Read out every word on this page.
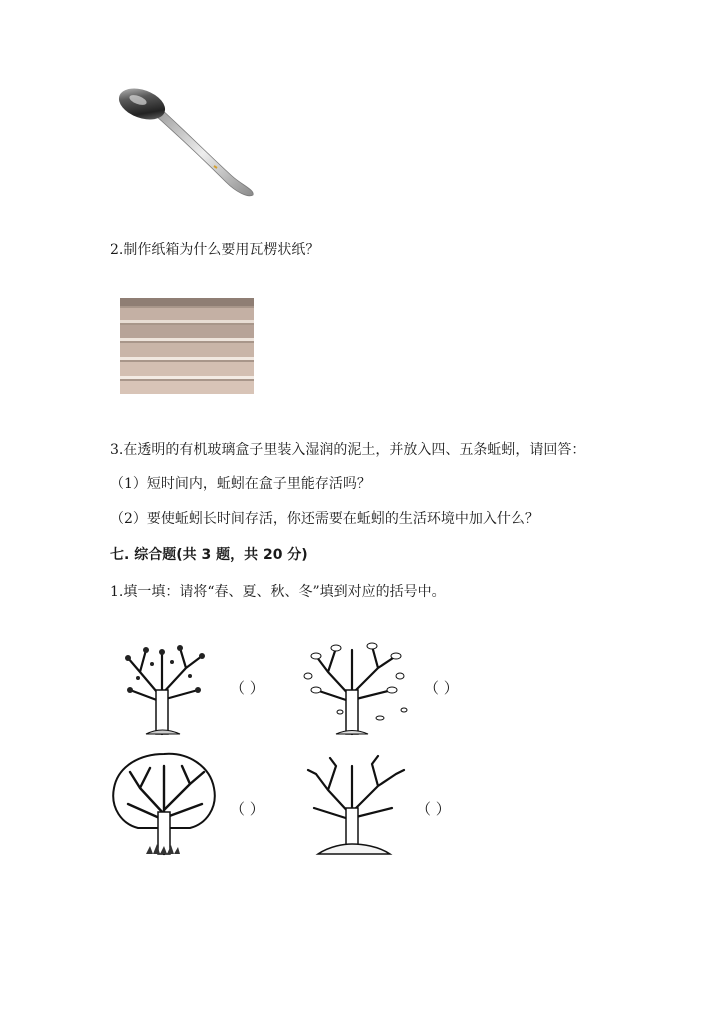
2.制作纸箱为什么要用瓦楞状纸？
3.在透明的有机玻璃盒子里装入湿润的泥土，并放入四、五条蚯蚓，请回答：
（1）短时间内，蚯蚓在盒子里能存活吗？
（2）要使蚯蚓长时间存活，你还需要在蚯蚓的生活环境中加入什么？
七. 综合题(共 3 题，共 20 分)
1.填一填：请将“春、夏、秋、冬”填到对应的括号中。
（ ）	（ ）
（ ）	（ ）
